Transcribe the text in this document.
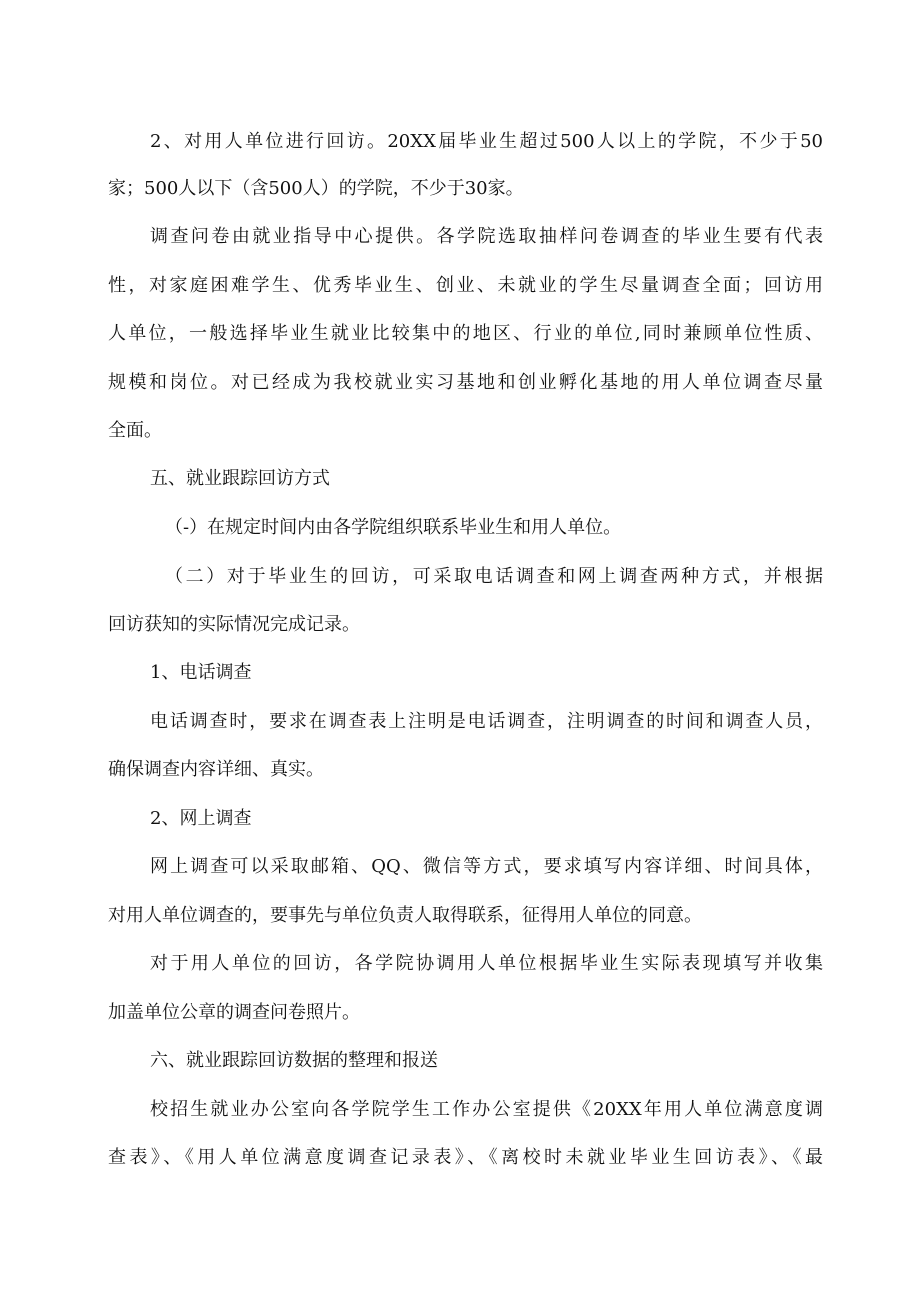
2、对用人单位进行回访。20XX届毕业生超过500人以上的学院，不少于50
家；500人以下（含500人）的学院，不少于30家。
调查问卷由就业指导中心提供。各学院选取抽样问卷调查的毕业生要有代表
性，对家庭困难学生、优秀毕业生、创业、未就业的学生尽量调查全面；回访用
人单位，一般选择毕业生就业比较集中的地区、行业的单位,同时兼顾单位性质、
规模和岗位。对已经成为我校就业实习基地和创业孵化基地的用人单位调查尽量
全面。
五、就业跟踪回访方式
（-）在规定时间内由各学院组织联系毕业生和用人单位。
（二）对于毕业生的回访，可采取电话调查和网上调查两种方式，并根据
回访获知的实际情况完成记录。
1、电话调查
电话调查时，要求在调查表上注明是电话调查，注明调查的时间和调查人员，
确保调查内容详细、真实。
2、网上调查
网上调查可以采取邮箱、QQ、微信等方式，要求填写内容详细、时间具体，
对用人单位调查的，要事先与单位负责人取得联系，征得用人单位的同意。
对于用人单位的回访，各学院协调用人单位根据毕业生实际表现填写并收集
加盖单位公章的调查问卷照片。
六、就业跟踪回访数据的整理和报送
校招生就业办公室向各学院学生工作办公室提供《20XX年用人单位满意度调
查表》、《用人单位满意度调查记录表》、《离校时未就业毕业生回访表》、《最
